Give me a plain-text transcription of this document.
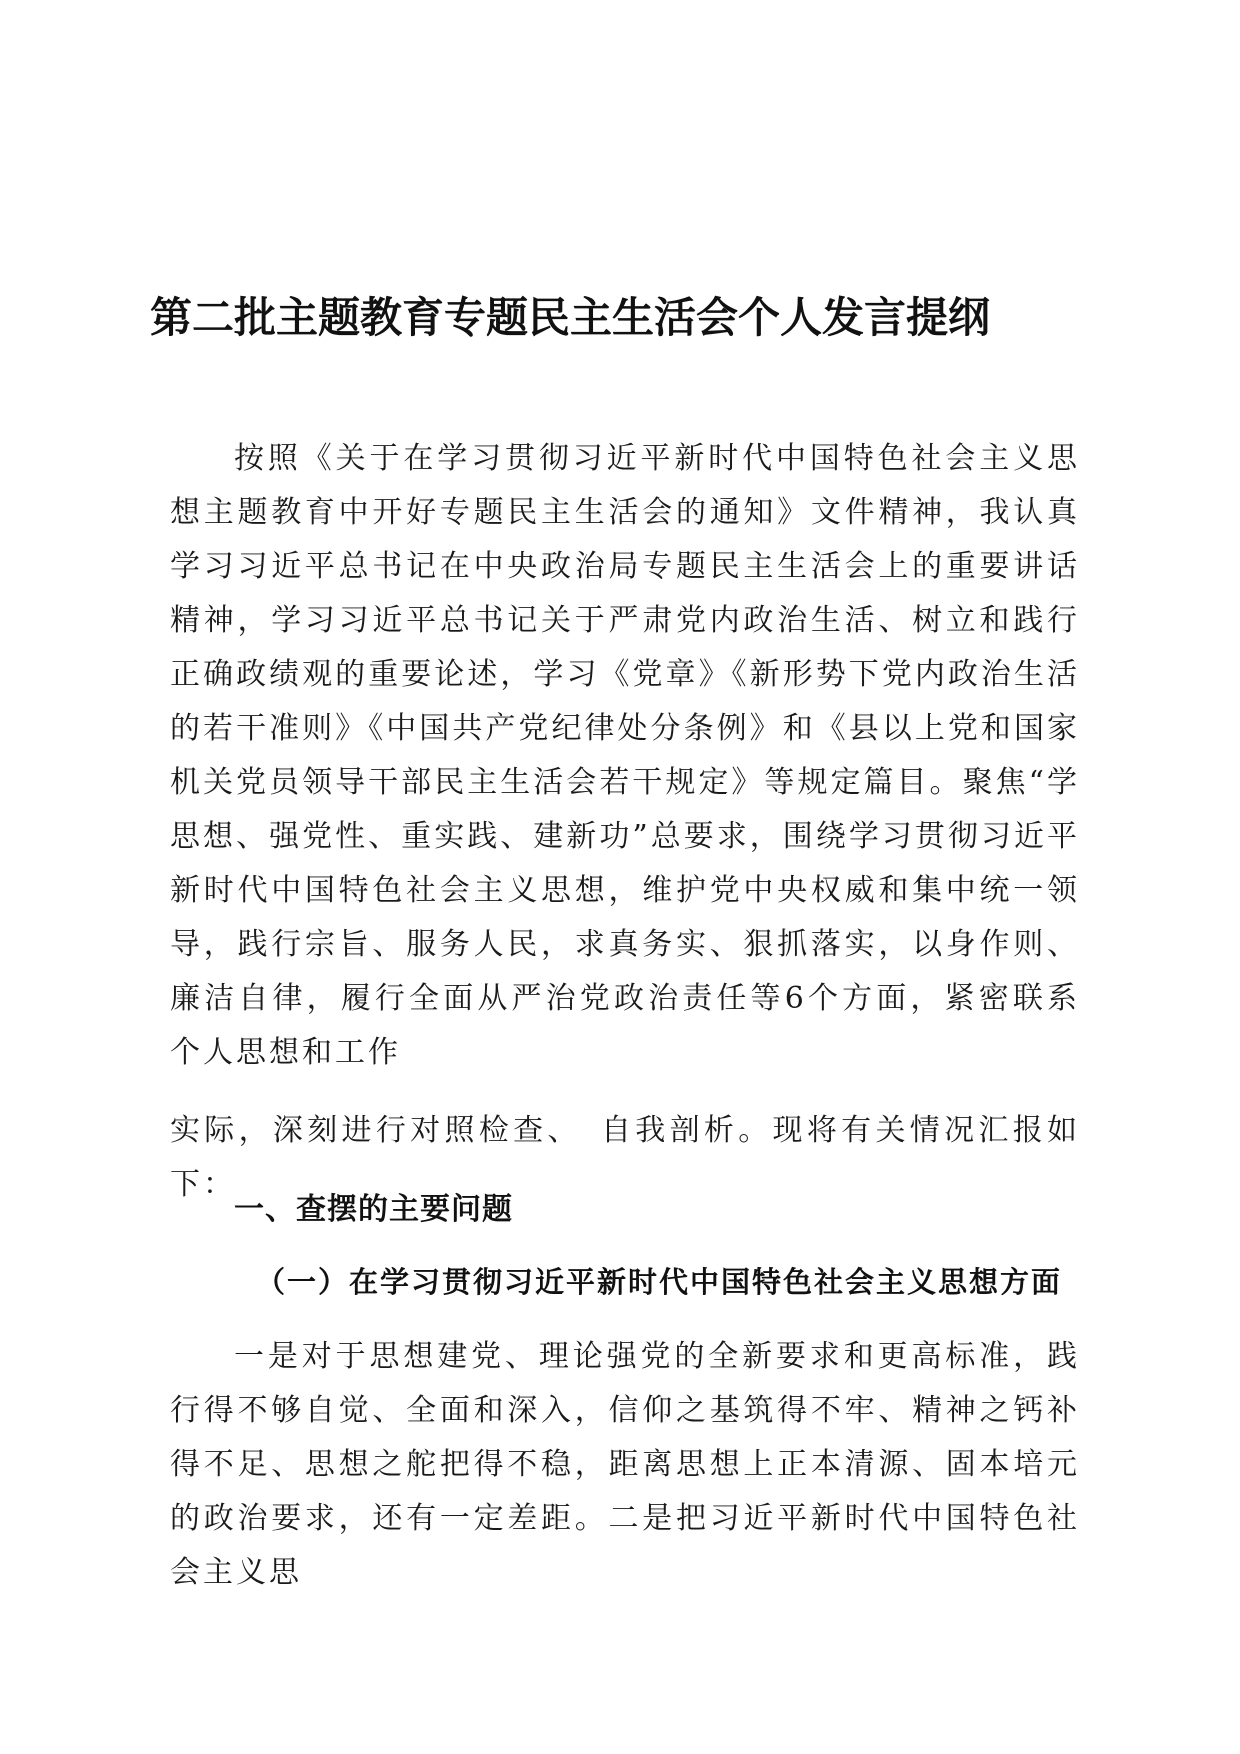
第二批主题教育专题民主生活会个人发言提纲

按照《关于在学习贯彻习近平新时代中国特色社会主义思想主题教育中开好专题民主生活会的通知》文件精神，我认真学习习近平总书记在中央政治局专题民主生活会上的重要讲话精神，学习习近平总书记关于严肃党内政治生活、树立和践行正确政绩观的重要论述，学习《党章》《新形势下党内政治生活的若干准则》《中国共产党纪律处分条例》和《县以上党和国家机关党员领导干部民主生活会若干规定》等规定篇目。聚焦“学思想、强党性、重实践、建新功”总要求，围绕学习贯彻习近平新时代中国特色社会主义思想，维护党中央权威和集中统一领导，践行宗旨、服务人民，求真务实、狠抓落实，以身作则、廉洁自律，履行全面从严治党政治责任等6个方面，紧密联系个人思想和工作

实际，深刻进行对照检查、　自我剖析。现将有关情况汇报如下：

一、查摆的主要问题

（一）在学习贯彻习近平新时代中国特色社会主义思想方面

一是对于思想建党、理论强党的全新要求和更高标准，践行得不够自觉、全面和深入，信仰之基筑得不牢、精神之钙补得不足、思想之舵把得不稳，距离思想上正本清源、固本培元的政治要求，还有一定差距。二是把习近平新时代中国特色社会主义思
